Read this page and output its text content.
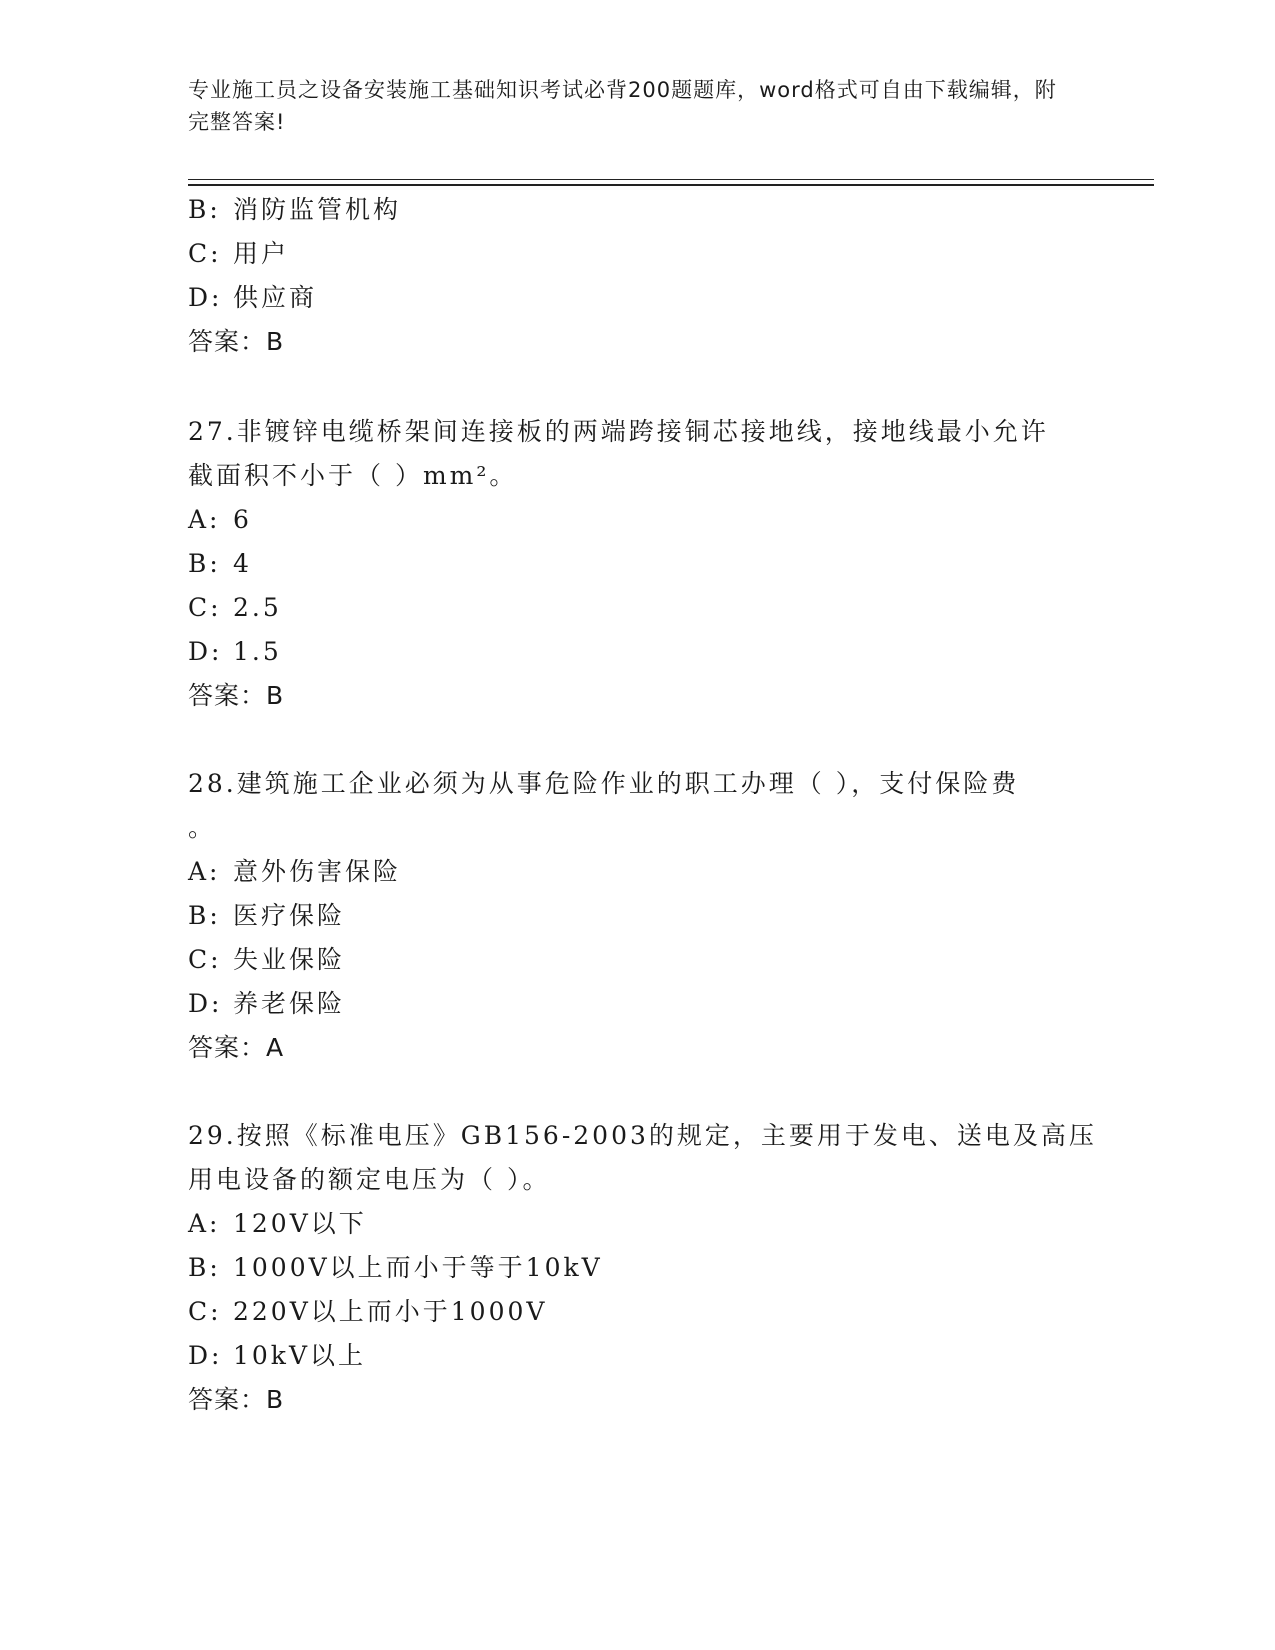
专业施工员之设备安装施工基础知识考试必背200题题库，word格式可自由下载编辑，附完整答案!
B: 消防监管机构
C: 用户
D: 供应商
答案：B
27.非镀锌电缆桥架间连接板的两端跨接铜芯接地线，接地线最小允许
截面积不小于（ ）mm²。
A: 6
B: 4
C: 2.5
D: 1.5
答案：B
28.建筑施工企业必须为从事危险作业的职工办理（ ），支付保险费
。
A: 意外伤害保险
B: 医疗保险
C: 失业保险
D: 养老保险
答案：A
29.按照《标准电压》GB156-2003的规定，主要用于发电、送电及高压
用电设备的额定电压为（ ）。
A: 120V以下
B: 1000V以上而小于等于10kV
C: 220V以上而小于1000V
D: 10kV以上
答案：B
